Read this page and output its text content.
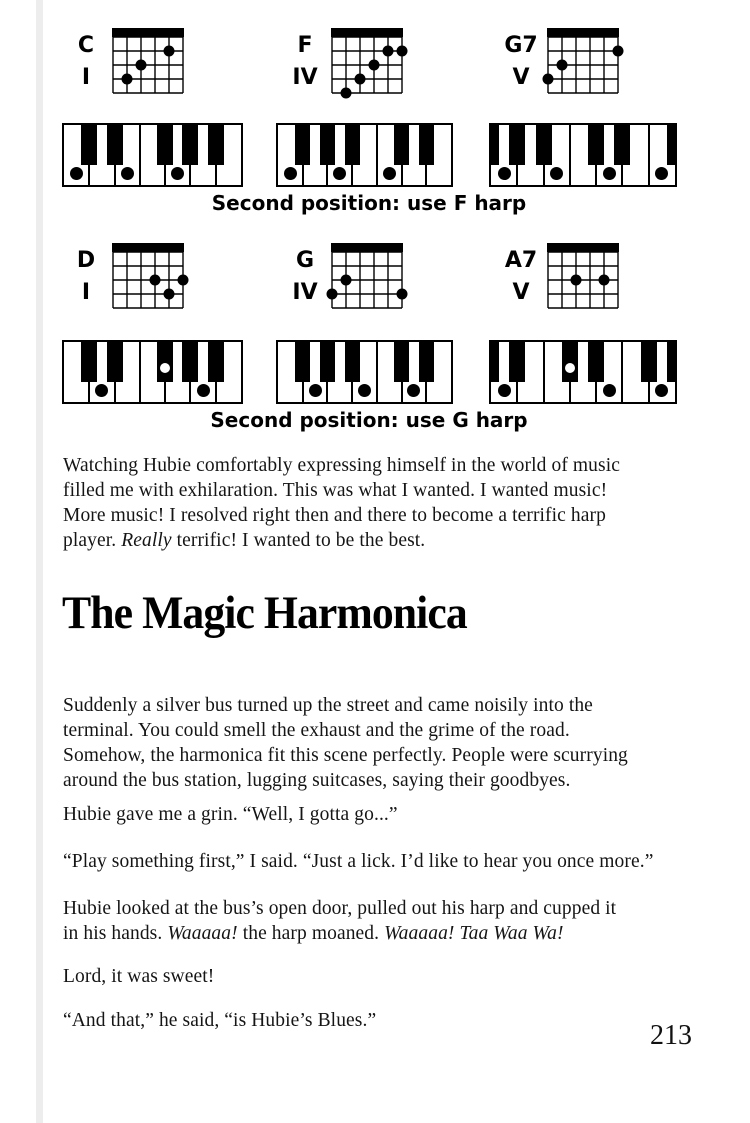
C
I
F
IV
G7
V
Second position: use F harp
D
I
G
IV
A7
V
Second position: use G harp
Watching Hubie comfortably expressing himself in the world of music
filled me with exhilaration. This was what I wanted. I wanted music!
More music! I resolved right then and there to become a terrific harp
player. Really terrific! I wanted to be the best.
Suddenly a silver bus turned up the street and came noisily into the
terminal. You could smell the exhaust and the grime of the road.
Somehow, the harmonica fit this scene perfectly. People were scurrying
around the bus station, lugging suitcases, saying their goodbyes.
Hubie gave me a grin. “Well, I gotta go...”
“Play something first,” I said. “Just a lick. I’d like to hear you once more.”
Hubie looked at the bus’s open door, pulled out his harp and cupped it
in his hands. Waaaaa! the harp moaned. Waaaaa! Taa Waa Wa!
Lord, it was sweet!
“And that,” he said, “is Hubie’s Blues.”
The Magic Harmonica
213
